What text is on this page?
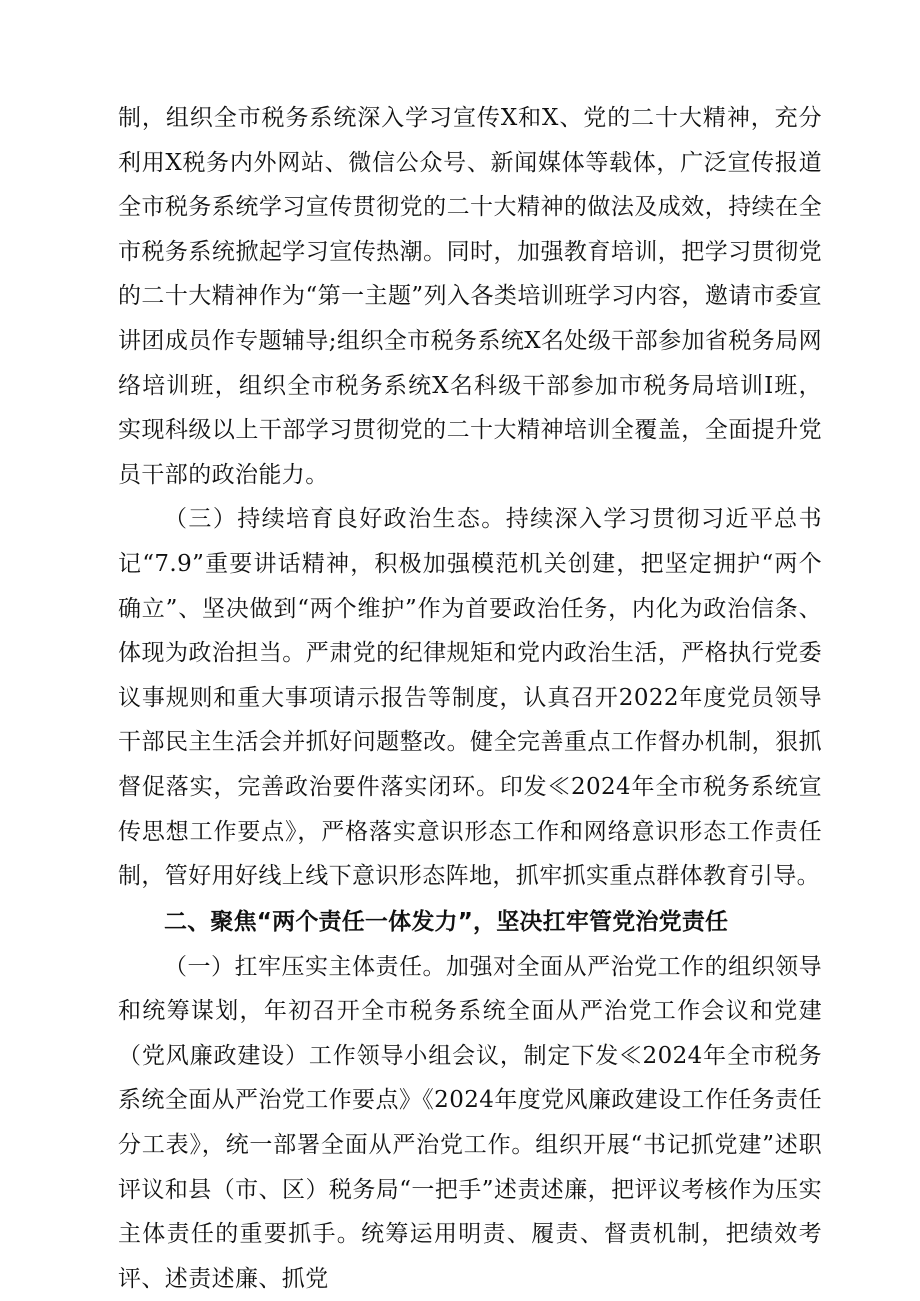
制，组织全市税务系统深入学习宣传X和X、党的二十大精神，充分利用X税务内外网站、微信公众号、新闻媒体等载体，广泛宣传报道全市税务系统学习宣传贯彻党的二十大精神的做法及成效，持续在全市税务系统掀起学习宣传热潮。同时，加强教育培训，把学习贯彻党的二十大精神作为“第一主题”列入各类培训班学习内容，邀请市委宣讲团成员作专题辅导;组织全市税务系统X名处级干部参加省税务局网络培训班，组织全市税务系统X名科级干部参加市税务局培训I班，实现科级以上干部学习贯彻党的二十大精神培训全覆盖，全面提升党员干部的政治能力。

（三）持续培育良好政治生态。持续深入学习贯彻习近平总书记“7.9”重要讲话精神，积极加强模范机关创建，把坚定拥护“两个确立”、坚决做到“两个维护”作为首要政治任务，内化为政治信条、体现为政治担当。严肃党的纪律规矩和党内政治生活，严格执行党委议事规则和重大事项请示报告等制度，认真召开2022年度党员领导干部民主生活会并抓好问题整改。健全完善重点工作督办机制，狠抓督促落实，完善政治要件落实闭环。印发≪2024年全市税务系统宣传思想工作要点》，严格落实意识形态工作和网络意识形态工作责任制，管好用好线上线下意识形态阵地，抓牢抓实重点群体教育引导。

二、聚焦“两个责任一体发力”，坚决扛牢管党治党责任

（一）扛牢压实主体责任。加强对全面从严治党工作的组织领导和统筹谋划，年初召开全市税务系统全面从严治党工作会议和党建（党风廉政建设）工作领导小组会议，制定下发≪2024年全市税务系统全面从严治党工作要点》《2024年度党风廉政建设工作任务责任分工表》，统一部署全面从严治党工作。组织开展“书记抓党建”述职评议和县（市、区）税务局“一把手”述责述廉，把评议考核作为压实主体责任的重要抓手。统筹运用明责、履责、督责机制，把绩效考评、述责述廉、抓党
